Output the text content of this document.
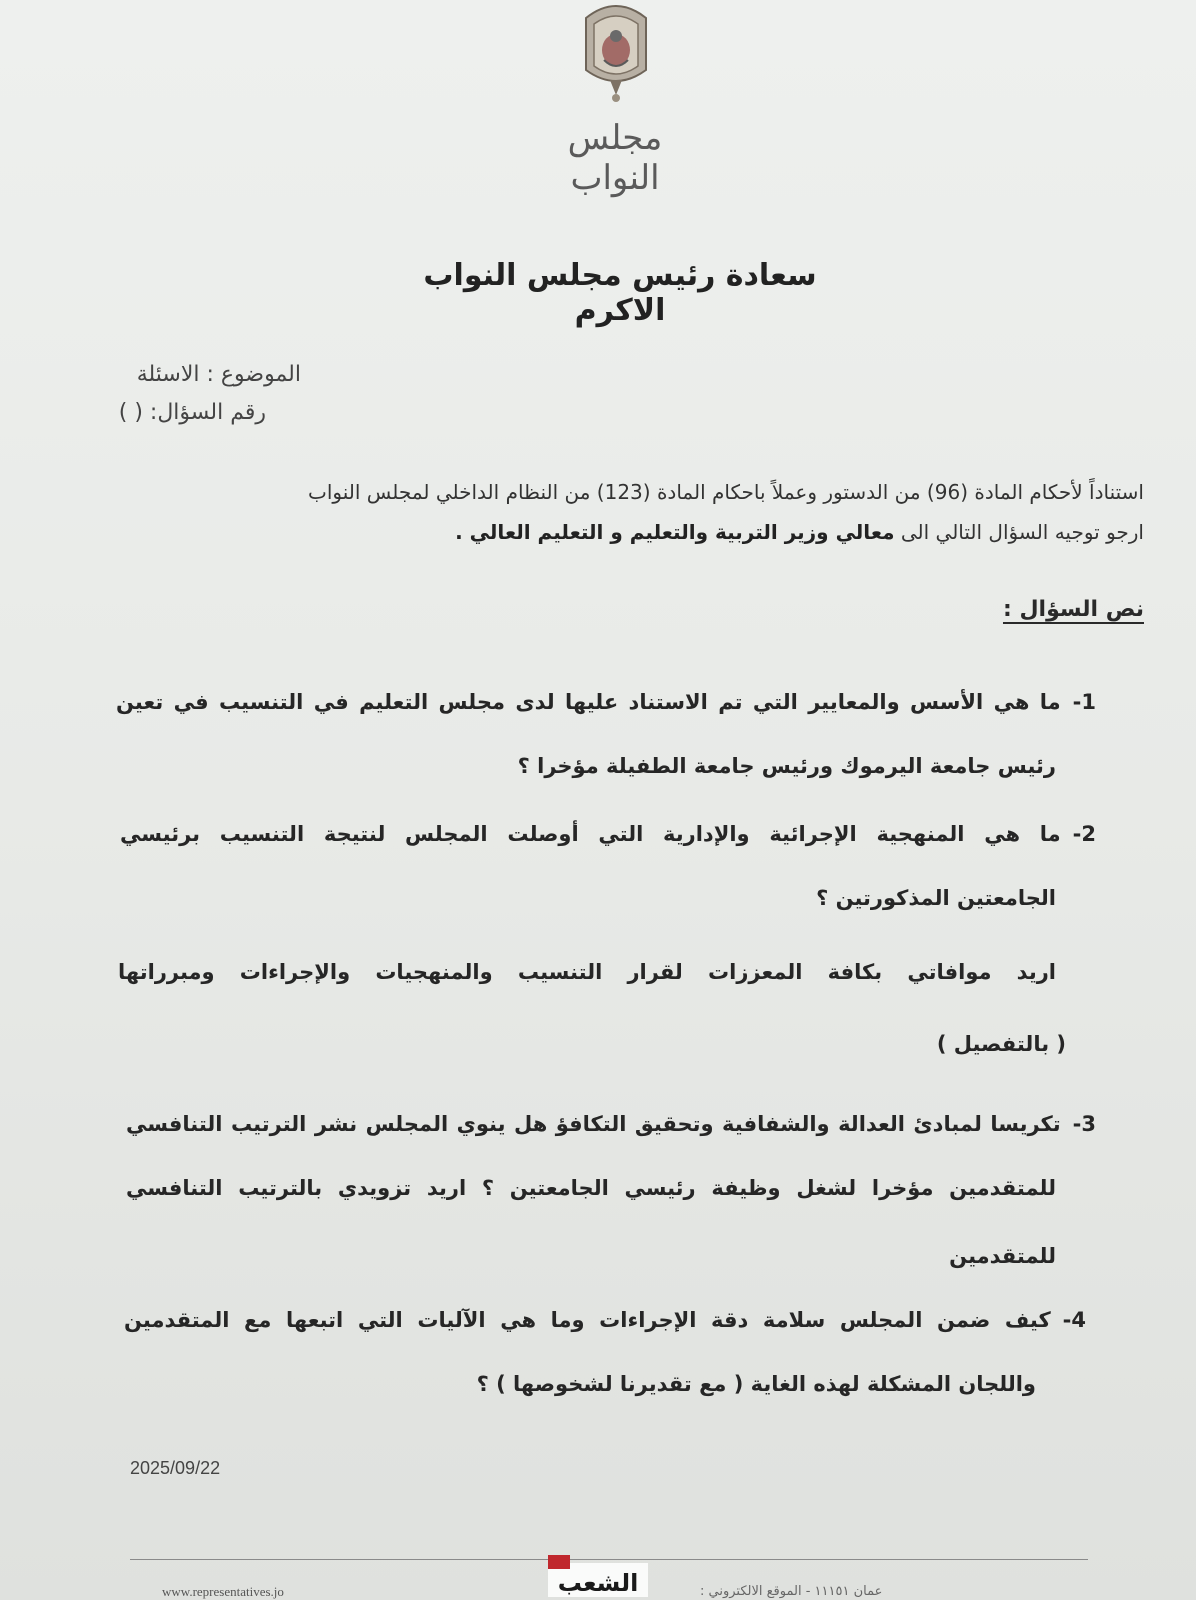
مجلس النواب
سعادة رئيس مجلس النواب الاكرم
الموضوع : الاسئلة
رقم السؤال: ( )
استناداً لأحكام المادة (96) من الدستور وعملاً باحكام المادة (123) من النظام الداخلي لمجلس النواب
ارجو توجيه السؤال التالي الى معالي وزير التربية والتعليم و التعليم العالي .
نص السؤال :
1-ما هي الأسس والمعايير التي تم الاستناد عليها لدى مجلس التعليم في التنسيب في تعين
رئيس جامعة اليرموك ورئيس جامعة الطفيلة مؤخرا ؟
2-ما هي المنهجية الإجرائية والإدارية التي أوصلت المجلس لنتيجة التنسيب برئيسي
الجامعتين المذكورتين ؟
اريد موافاتي بكافة المعززات لقرار التنسيب والمنهجيات والإجراءات ومبرراتها
( بالتفصيل )
3-تكريسا لمبادئ العدالة والشفافية وتحقيق التكافؤ هل ينوي المجلس نشر الترتيب التنافسي
للمتقدمين مؤخرا لشغل وظيفة رئيسي الجامعتين ؟ اريد تزويدي بالترتيب التنافسي
للمتقدمين
4-كيف ضمن المجلس سلامة دقة الإجراءات وما هي الآليات التي اتبعها مع المتقدمين
واللجان المشكلة لهذه الغاية ( مع تقديرنا لشخوصها ) ؟
2025/09/22
www.representatives.jo	عمان ١١١٥١ - الموقع الالكتروني :
الشعب
